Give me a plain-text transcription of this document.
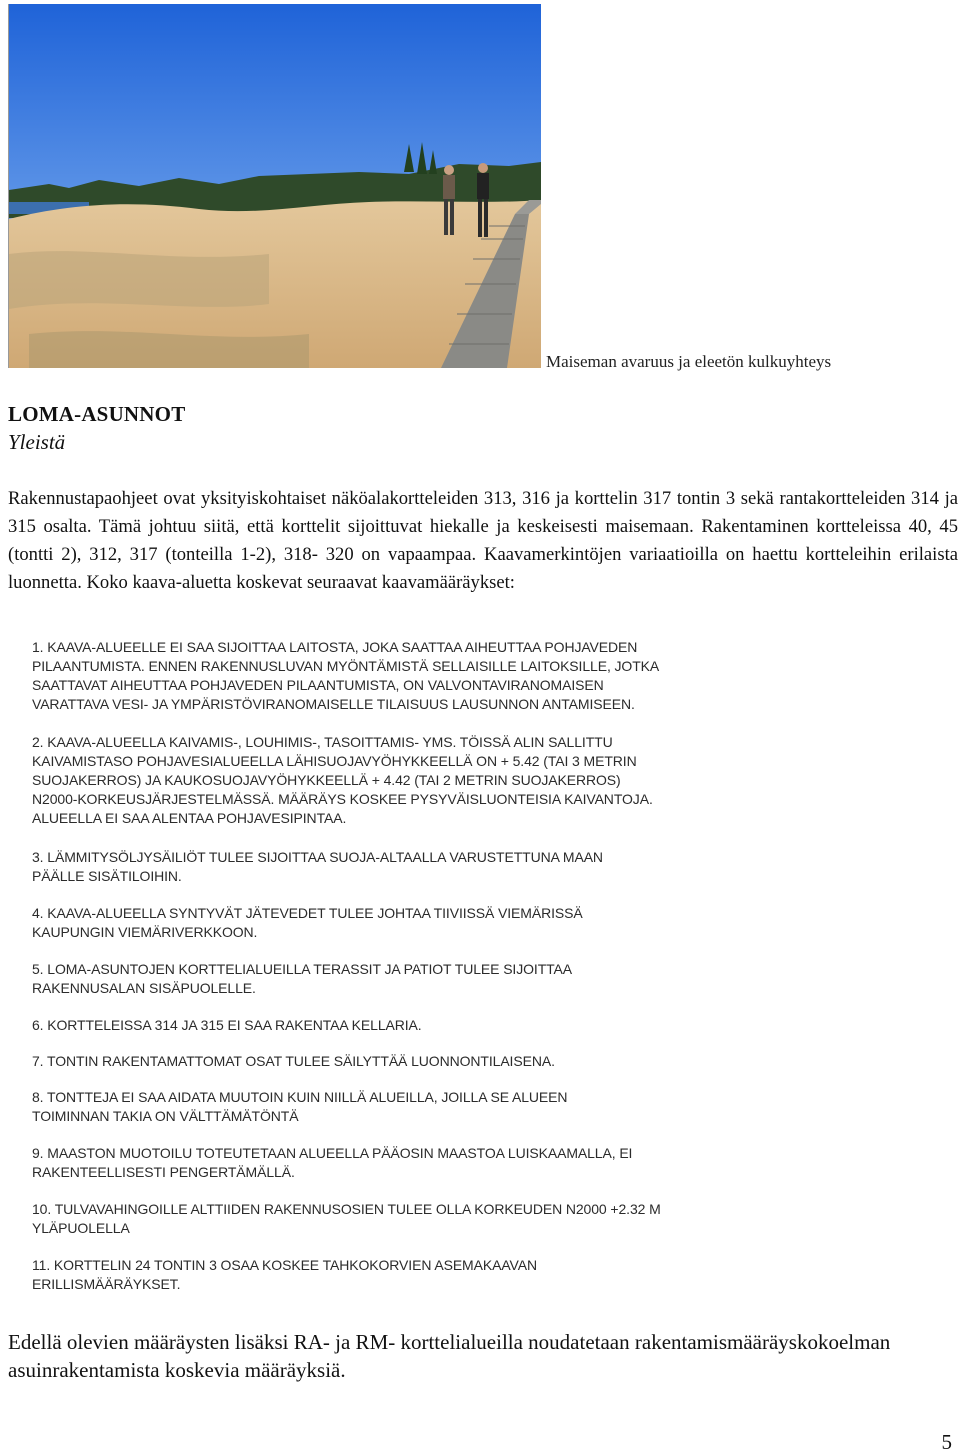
Maiseman avaruus ja eleetön kulkuyhteys
LOMA-ASUNNOT
Yleistä

Rakennustapaohjeet ovat yksityiskohtaiset näköalakortteleiden 313, 316 ja korttelin 317 tontin 3 sekä rantakortteleiden 314 ja 315 osalta. Tämä johtuu siitä, että korttelit sijoittuvat hiekalle ja keskeisesti maisemaan. Rakentaminen kortteleissa 40, 45 (tontti 2), 312, 317 (tonteilla 1-2), 318- 320 on vapaampaa. Kaavamerkintöjen variaatioilla on haettu kortteleihin erilaista luonnetta. Koko kaava-aluetta koskevat seuraavat kaavamääräykset:

1. KAAVA-ALUEELLE EI SAA SIJOITTAA LAITOSTA, JOKA SAATTAA AIHEUTTAA POHJAVEDEN
PILAANTUMISTA. ENNEN RAKENNUSLUVAN MYÖNTÄMISTÄ SELLAISILLE LAITOKSILLE, JOTKA
SAATTAVAT AIHEUTTAA POHJAVEDEN PILAANTUMISTA, ON VALVONTAVIRANOMAISEN
VARATTAVA VESI- JA YMPÄRISTÖVIRANOMAISELLE TILAISUUS LAUSUNNON ANTAMISEEN.
2. KAAVA-ALUEELLA KAIVAMIS-, LOUHIMIS-, TASOITTAMIS- YMS. TÖISSÄ ALIN SALLITTU
KAIVAMISTASO POHJAVESIALUEELLA LÄHISUOJAVYÖHYKKEELLÄ ON + 5.42 (TAI 3 METRIN
SUOJAKERROS) JA KAUKOSUOJAVYÖHYKKEELLÄ + 4.42 (TAI 2 METRIN SUOJAKERROS)
N2000-KORKEUSJÄRJESTELMÄSSÄ. MÄÄRÄYS KOSKEE PYSYVÄISLUONTEISIA KAIVANTOJA.
ALUEELLA EI SAA ALENTAA POHJAVESIPINTAA.
3. LÄMMITYSÖLJYSÄILIÖT TULEE SIJOITTAA SUOJA-ALTAALLA VARUSTETTUNA MAAN
PÄÄLLE SISÄTILOIHIN.
4. KAAVA-ALUEELLA SYNTYVÄT JÄTEVEDET TULEE JOHTAA TIIVIISSÄ VIEMÄRISSÄ
KAUPUNGIN VIEMÄRIVERKKOON.
5. LOMA-ASUNTOJEN KORTTELIALUEILLA TERASSIT JA PATIOT TULEE SIJOITTAA
RAKENNUSALAN SISÄPUOLELLE.
6. KORTTELEISSA 314 JA 315 EI SAA RAKENTAA KELLARIA.
7. TONTIN RAKENTAMATTOMAT OSAT TULEE SÄILYTTÄÄ LUONNONTILAISENA.
8. TONTTEJA EI SAA AIDATA MUUTOIN KUIN NIILLÄ ALUEILLA, JOILLA SE ALUEEN
TOIMINNAN TAKIA ON VÄLTTÄMÄTÖNTÄ
9. MAASTON MUOTOILU TOTEUTETAAN ALUEELLA PÄÄOSIN MAASTOA LUISKAAMALLA, EI
RAKENTEELLISESTI PENGERTÄMÄLLÄ.
10. TULVAVAHINGOILLE ALTTIIDEN RAKENNUSOSIEN TULEE OLLA KORKEUDEN N2000 +2.32 M
YLÄPUOLELLA
11. KORTTELIN 24 TONTIN 3 OSAA KOSKEE TAHKOKORVIEN ASEMAKAAVAN
ERILLISMÄÄRÄYKSET.

Edellä olevien määräysten lisäksi RA- ja RM- korttelialueilla noudatetaan rakentamismääräyskokoelman asuinrakentamista koskevia määräyksiä.

5
